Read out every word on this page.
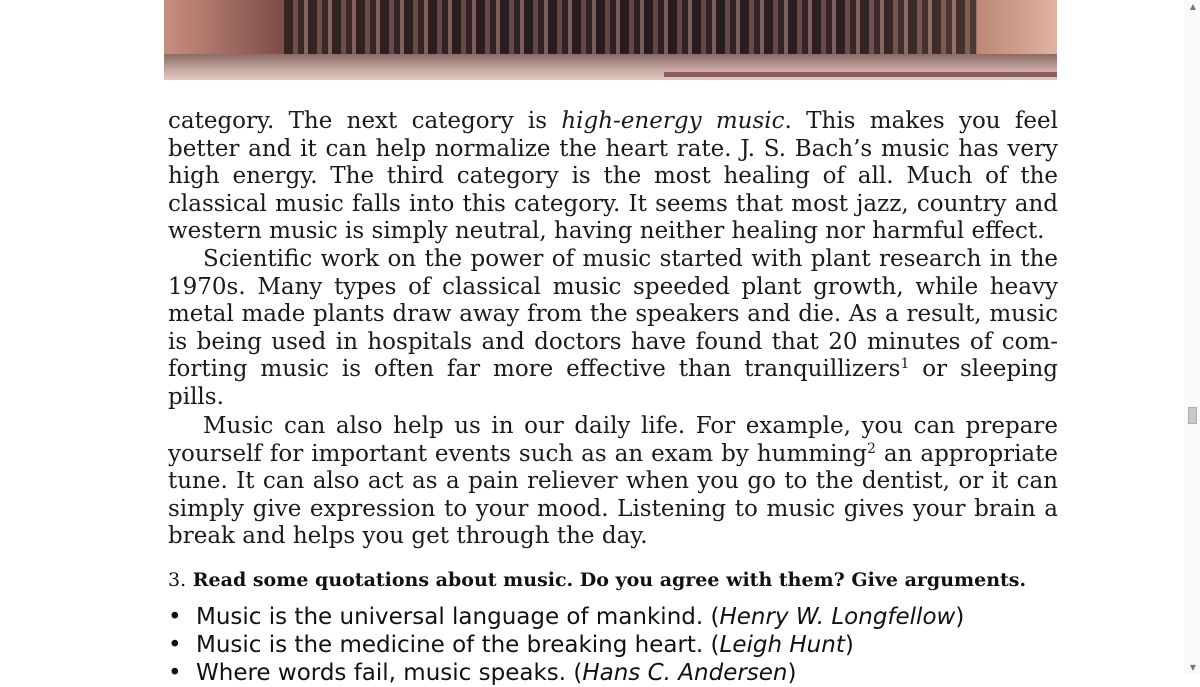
category. The next category is high-energy music. This makes you feel
better and it can help normalize the heart rate. J. S. Bach’s music has very
high energy. The third category is the most healing of all. Much of the
classical music falls into this category. It seems that most jazz, country and
western music is simply neutral, having neither healing nor harmful effect.
Scientific work on the power of music started with plant research in the
1970s. Many types of classical music speeded plant growth, while heavy
metal made plants draw away from the speakers and die. As a result, music
is being used in hospitals and doctors have found that 20 minutes of com-
forting music is often far more effective than tranquillizers$^1$ or sleeping
pills.
Music can also help us in our daily life. For example, you can prepare
yourself for important events such as an exam by humming$^2$ an appropriate
tune. It can also act as a pain reliever when you go to the dentist, or it can
simply give expression to your mood. Listening to music gives your brain a
break and helps you get through the day.
3. Read some quotations about music. Do you agree with them? Give arguments.
• Music is the universal language of mankind. (Henry W. Longfellow)
• Music is the medicine of the breaking heart. (Leigh Hunt)
• Where words fail, music speaks. (Hans C. Andersen)
▲
▼
